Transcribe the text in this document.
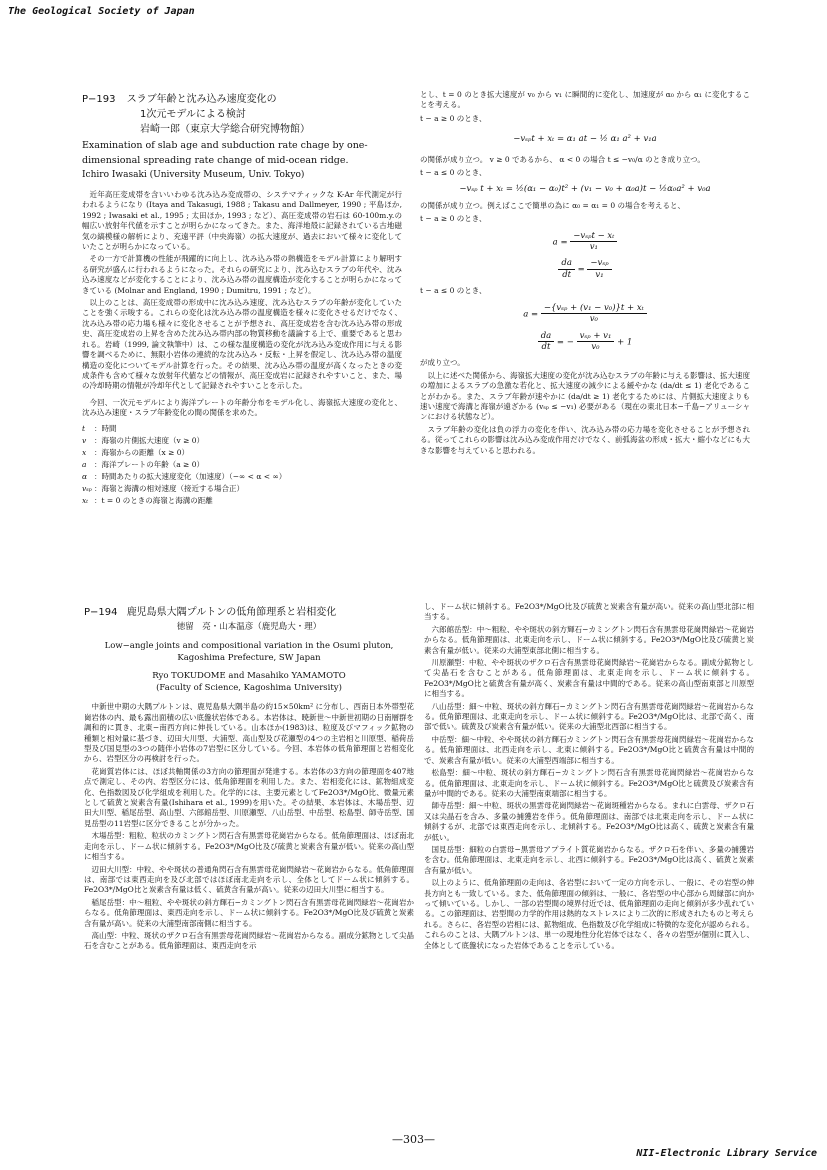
The Geological Society of Japan
P−193 スラブ年齢と沈み込み速度変化の
1次元モデルによる検討
岩崎一郎（東京大学総合研究博物館）
Examination of slab age and subduction rate chage by one-dimensional spreading rate change of mid-ocean ridge.
Ichiro Iwasaki (University Museum, Univ. Tokyo)

近年高圧変成帯を含いいわゆる沈み込み変成帯の、システマティックな K-Ar 年代測定が行われるようになり (Itaya and Takasugi, 1988 ; Takasu and Dallmeyer, 1990 ; 平島ほか, 1992 ; Iwasaki et al., 1995 ; 太田ほか, 1993 ; など）、高圧変成帯の岩石は 60-100m.y.の幅広い放射年代値を示すことが明らかになってきた。また、海洋地殻に記録されている古地磁気の縞模様の解析により、充遠平評（中央海嶺）の拡大速度が、過去において様々に変化していたことが明らかになっている。

その一方で計算機の性能が飛躍的に向上し、沈み込み帯の熱構造をモデル計算により解明する研究が盛んに行われるようになった。それらの研究により、沈み込むスラブの年代や、沈み込み速度などが変化することにより、沈み込み帯の温度構造が変化することが明らかになってきている (Molnar and England, 1990 ; Dumitru, 1991 ; など）。

以上のことは、高圧変成帯の形成中に沈み込み速度、沈み込むスラブの年齢が変化していたことを強く示唆する。これらの変化は沈み込み帯の温度構造を様々に変化させるだけでなく、沈み込み帯の応力場も様々に変化させることが予想され、高圧変成岩を含む沈み込み帯の形成史、高圧変成岩の上昇を含めた沈み込み帯内部の物質移動を議論する上で、重要であると思われる。岩崎（1999, 論文執筆中）は、この様な温度構造の変化が沈み込み変成作用に与える影響を調べるために、無限小岩体の連続的な沈み込み・反転・上昇を假定し、沈み込み帯の温度構造の変化についてモデル計算を行った。その結果、沈み込み帯の温度が高くなったときの変成条件も含めて様々な放射年代値などの情報が、高圧変成岩に記録されやすいこと、また、場の冷却時期の情報が冷却年代として記録されやすいことを示した。

今回、一次元モデルにより海洋プレートの年齢分布をモデル化し、海嶺拡大速度の変化と、沈み込み速度・スラブ年齢変化の間の関係を求めた。

t ：時間
v ：海嶺の片側拡大速度（v ≥ 0）
x ：海嶺からの距離（x ≥ 0）
a ：海洋プレートの年齢（a ≥ 0）
α ：時間あたりの拡大速度変化（加速度）（−∞ < α < ∞）
vₛₚ ：海嶺と海溝の相対速度（接近する場合正）
xₜ ：t = 0 のときの海嶺と海溝の距離

とし、t = 0 のとき拡大速度が v₀ から v₁ に瞬間的に変化し、加速度が α₀ から α₁ に変化することを考える。

t − a ≥ 0 のとき、
−vₛₚt + xₜ = α₁ at − ½ α₁ a² + v₁a
の関係が成り立つ。 v ≥ 0 であるから、 α < 0 の場合 t ≤ −v₀/α のとき成り立つ。
t − a ≤ 0 のとき、
−vₛₚ t + xₜ = ½(α₁ − α₀)t² + (v₁ − v₀ + α₀a)t − ½α₀a² + v₀a
の関係が成り立つ。例えばここで簡単の為に α₀ = α₁ = 0 の場合を考えると、
t − a ≥ 0 のとき、
$a = \frac{\text{−vₛₚt − xₜ}}{\text{v₁}}$
$\frac{da}{dt} = \frac{\text{−vₛₚ}}{\text{v₁}}$
t − a ≤ 0 のとき、
$a = \frac{\text{−\{vₛₚ + (v₁ − v₀)\}t + xₜ}}{\text{v₀}}$
$\frac{da}{dt}$ = − $\frac{\text{vₛₚ + v₁}}{\text{v₀}} + 1$

が成り立つ。

以上に述べた関係から、海嶺拡大速度の変化が沈み込むスラブの年齢に与える影響は、拡大速度の増加によるスラブの急激な若化と、拡大速度の減少による緩やかな (da/dt ≤ 1) 老化であることがわかる。また、スラブ年齢が速やかに (da/dt ≥ 1) 老化するためには、片側拡大速度よりも速い速度で海溝と海嶺が遠ざかる (vₛₚ ≤ −v₁) 必要がある（現在の東北日本−千島−アリューシャンにおける状態など）。

スラブ年齢の変化は負の浮力の変化を伴い、沈み込み帯の応力場を変化させることが予想される。従ってこれらの影響は沈み込み変成作用だけでなく、前弧海盆の形成・拡大・縮小などにも大きな影響を与えていると思われる。

P−194 鹿児島県大隅プルトンの低角節理系と岩相変化
徳留　亮・山本温彦（鹿児島大・理）
Low−angle joints and compositional variation in the Osumi pluton,
Kagoshima Prefecture, SW Japan
Ryo TOKUDOME and Masahiko YAMAMOTO
(Faculty of Science, Kagoshima University)

中新世中期の大隅プルトンは、鹿児島県大隅半島の約15×50km² に分布し、西南日本外帯型花崗岩体の内、最も露出面積の広い底盤状岩体である。本岩体は、暁新世〜中新世初期の日南層群を調和的に貫き、北東−南西方向に伸長している。山本ほか(1983)は、粒度及びマフィック鉱物の種類と相対量に基づき、辺田大川型、大浦型、高山型及び花瀬型の4つの主岩相と川原型、稲荷岳型及び国見型の3つの随伴小岩体の7岩型に区分している。今回、本岩体の低角節理面と岩相変化から、岩型区分の再検討を行った。

花崗質岩体には、ほぼ共軸関係の3方向の節理面が発達する。本岩体の3方向の節理面を407地点で測定し、その内、岩型区分には、低角節理面を利用した。また、岩相変化には、鉱物組成変化、色指数図及び化学組成を利用した。化学的には、主要元素としてFe2O3*/MgO比、微量元素として硫黄と炭素含有量(Ishihara et al., 1999)を用いた。その結果、本岩体は、木場岳型、辺田大川型、稲尾岳型、高山型、六郎館岳型、川原瀬型、八山岳型、中岳型、松島型、師寺岳型、国見岳型の11岩型に区分できることが分かった。

木場岳型：粗粒、粒状のカミングトン閃石含有黒雲母花崗岩からなる。低角節理面は、ほぼ南北走向を示し、ドーム状に傾斜する。Fe2O3*/MgO比及び硫黄と炭素含有量が低い。従来の高山型に相当する。

辺田大川型：中粒、やや斑状の普通角閃石含有黒雲母花崗閃緑岩〜花崗岩からなる。低角節理面は、南部では東西走向を及び北部ではほぼ南北走向を示し、全体としてドーム状に傾斜する。Fe2O3*/MgO比と炭素含有量は低く、硫黄含有量が高い。従来の辺田大川型に相当する。

稲尾岳型：中〜粗粒、やや斑状の斜方輝石−カミングトン閃石含有黒雲母花崗閃緑岩〜花崗岩からなる。低角節理面は、東西走向を示し、ドーム状に傾斜する。Fe2O3*/MgO比及び硫黄と炭素含有量が高い。従来の大浦型南部南側に相当する。

高山型：中粒、斑状のザクロ石含有黒雲母花崗閃緑岩〜花崗岩からなる。副成分鉱物として尖晶石を含むことがある。低角節理面は、東西走向を示

し、ドーム状に傾斜する。Fe2O3*/MgO比及び硫黄と炭素含有量が高い。従来の高山型北部に相当する。

六郎館岳型：中〜粗粒、やや斑状の斜方輝石−カミングトン閃石含有黒雲母花崗閃緑岩〜花崗岩からなる。低角節理面は、北東走向を示し、ドーム状に傾斜する。Fe2O3*/MgO比及び硫黄と炭素含有量が低い。従来の大浦型東部北側に相当する。

川原瀬型：中粒、やや斑状のザクロ石含有黒雲母花崗閃緑岩〜花崗岩からなる。副成分鉱物として尖晶石を含むことがある。低角節理面は、北東走向を示し、ドーム状に傾斜する。Fe2O3*/MgO比と硫黄含有量が高く、炭素含有量は中間的である。従来の高山型南東部と川原型に相当する。

八山岳型：細〜中粒、斑状の斜方輝石−カミングトン閃石含有黒雲母花崗閃緑岩〜花崗岩からなる。低角節理面は、北東走向を示し、ドーム状に傾斜する。Fe2O3*/MgO比は、北部で高く、南部で低い。硫黄及び炭素含有量が低い。従来の大浦型北西部に相当する。

中岳型：細〜中粒、やや斑状の斜方輝石カミングトン閃石含有黒雲母花崗閃緑岩〜花崗岩からなる。低角節理面は、北西走向を示し、北東に傾斜する。Fe2O3*/MgO比と硫黄含有量は中間的で、炭素含有量が低い。従来の大浦型西端部に相当する。

松島型：細〜中粒、斑状の斜方輝石−カミングトン閃石含有黒雲母花崗閃緑岩〜花崗岩からなる。低角節理面は、北東走向を示し、ドーム状に傾斜する。Fe2O3*/MgO比と硫黄及び炭素含有量が中間的である。従来の大浦型南東端部に相当する。

師寺岳型：細〜中粒、斑状の黒雲母花崗閃緑岩〜花崗斑種岩からなる。まれに白雲母、ザクロ石又は尖晶石を含み、多量の捕獲岩を伴う。低角節理面は、南部では北東走向を示し、ドーム状に傾斜するが、北部では東西走向を示し、北傾斜する。Fe2O3*/MgO比は高く、硫黄と炭素含有量が低い。

国見岳型：細粒の白雲母−黒雲母アプライト質花崗岩からなる。ザクロ石を伴い、多量の捕獲岩を含む。低角節理面は、北東走向を示し、北西に傾斜する。Fe2O3*/MgO比は高く、硫黄と炭素含有量が低い。

以上のように、低角節理面の走向は、各岩型において一定の方向を示し、一般に、その岩型の伸長方向とも一致している。また、低角節理面の傾斜は、一般に、各岩型の中心部から周縁部に向かって傾いている。しかし、一部の岩型間の境界付近では、低角節理面の走向と傾斜が多少乱れている。この節理面は、岩型間の力学的作用は熱的なストレスにより二次的に形成されたものと考えられる。さらに、各岩型の岩相には、鉱物組成、色指数及び化学組成に特徴的な変化が認められる。これらのことは、大隅プルトンは、単一の現地性分化岩体ではなく、各々の岩型が個別に貫入し、全体として底盤状になった岩体であることを示している。

—303—
NII-Electronic Library Service
